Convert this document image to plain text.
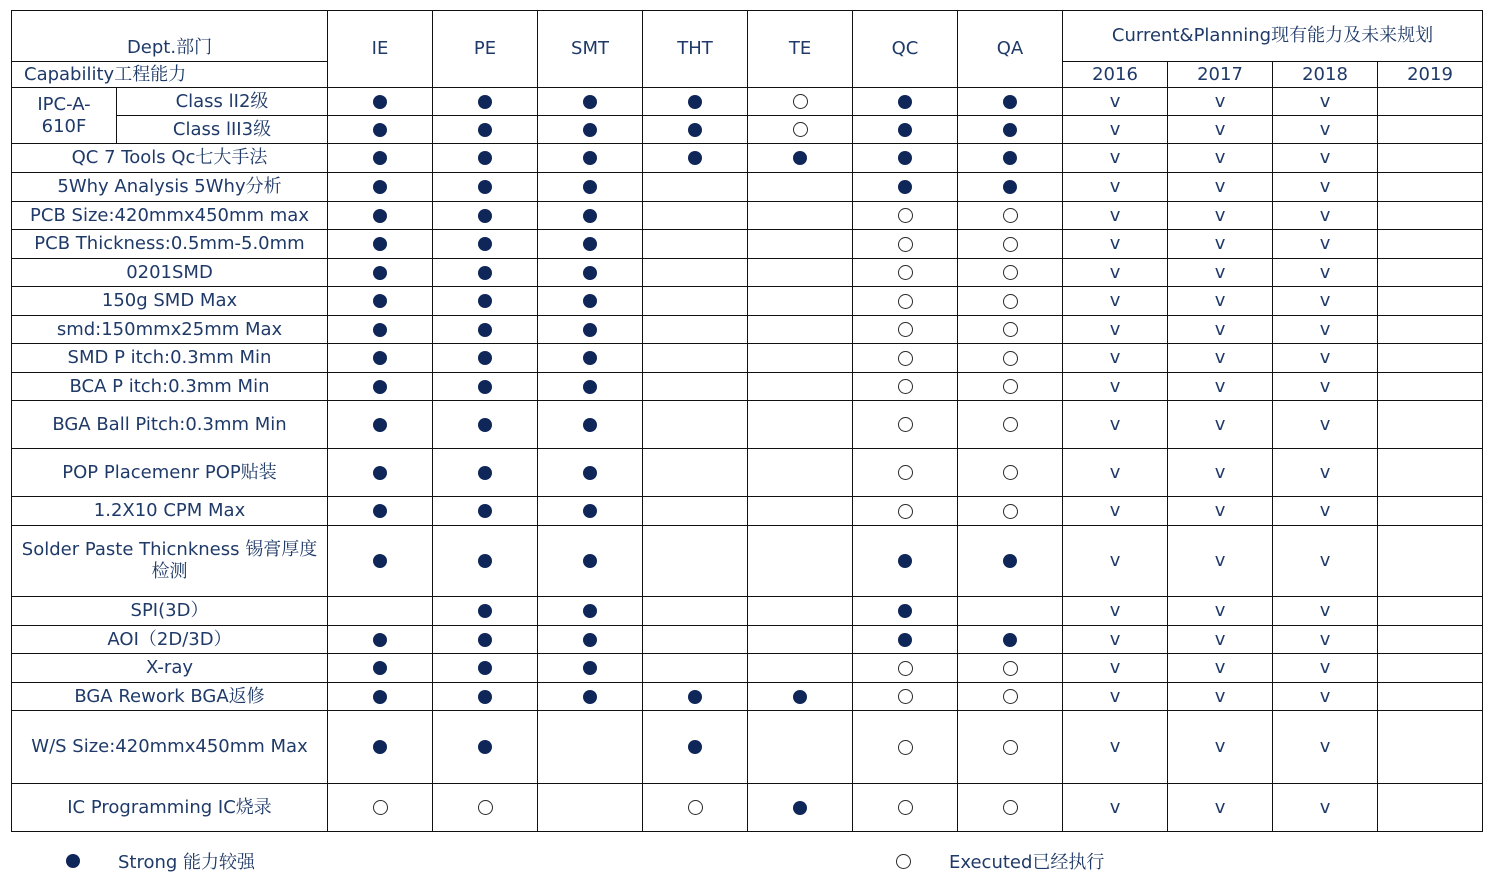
Dept.部门		IE	PE	SMT	THT	TE	QC	QA	Current&Planning现有能力及未来规划			
Capability工程能力									2016	2017	2018	2019
IPC-A-610F	Class lI2级								v	v	v	
	Class lII3级								v	v	v	
QC 7 Tools Qc七大手法									v	v	v	
5Why Analysis 5Why分析									v	v	v	
PCB Size:420mmx450mm max									v	v	v	
PCB Thickness:0.5mm-5.0mm									v	v	v	
0201SMD									v	v	v	
150g SMD Max									v	v	v	
smd:150mmx25mm Max									v	v	v	
SMD P itch:0.3mm Min									v	v	v	
BCA P itch:0.3mm Min									v	v	v	
BGA Ball Pitch:0.3mm Min									v	v	v	
POP Placemenr POP贴装									v	v	v	
1.2X10 CPM Max									v	v	v	
Solder Paste Thicnkness 锡膏厚度检测									v	v	v	
SPI(3D）									v	v	v	
AOI（2D/3D）									v	v	v	
X-ray									v	v	v	
BGA Rework BGA返修									v	v	v	
W/S Size:420mmx450mm Max									v	v	v	
IC Programming IC烧录									v	v	v	
Strong 能力较强	Executed已经执行
